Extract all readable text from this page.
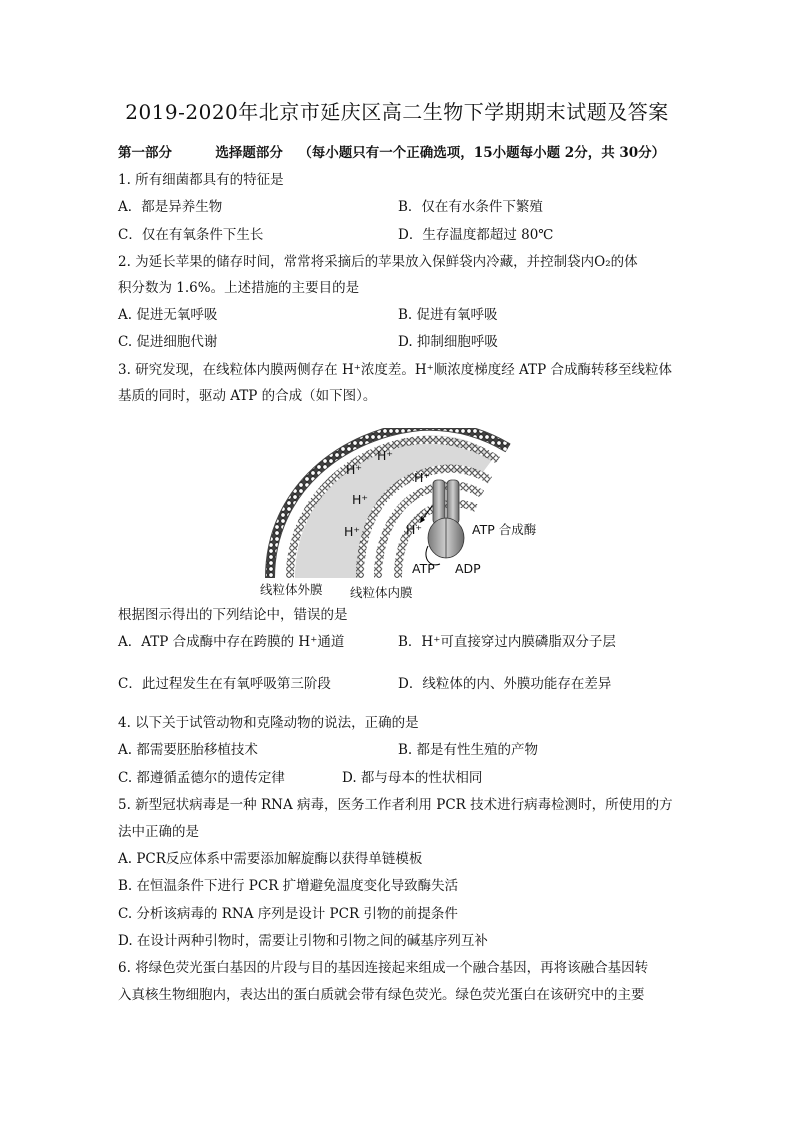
2019-2020年北京市延庆区高二生物下学期期末试题及答案
第一部分	选择题部分 （每小题只有一个正确选项，15小题每小题 2分，共 30分）
1. 所有细菌都具有的特征是
A．都是异养生物	B．仅在有水条件下繁殖
C．仅在有氧条件下生长	D．生存温度都超过 80℃
2. 为延长苹果的储存时间，常常将采摘后的苹果放入保鲜袋内冷藏，并控制袋内O₂的体
积分数为 1.6%。上述措施的主要目的是
A. 促进无氧呼吸	B. 促进有氧呼吸
C. 促进细胞代谢	D. 抑制细胞呼吸
3. 研究发现，在线粒体内膜两侧存在 H⁺浓度差。H⁺顺浓度梯度经 ATP 合成酶转移至线粒体
基质的同时，驱动 ATP 的合成（如下图）。
H⁺
H⁺
H⁺
H⁺
H⁺
H⁺	ATP 合成酶
ATP ADP
线粒体外膜 线粒体内膜
根据图示得出的下列结论中，错误的是
A．ATP 合成酶中存在跨膜的 H⁺通道	B．H⁺可直接穿过内膜磷脂双分子层
C．此过程发生在有氧呼吸第三阶段	D．线粒体的内、外膜功能存在差异
4. 以下关于试管动物和克隆动物的说法，正确的是
A. 都需要胚胎移植技术	B. 都是有性生殖的产物
C. 都遵循孟德尔的遗传定律	D. 都与母本的性状相同
5. 新型冠状病毒是一种 RNA 病毒，医务工作者利用 PCR 技术进行病毒检测时，所使用的方
法中正确的是
A. PCR反应体系中需要添加解旋酶以获得单链模板
B. 在恒温条件下进行 PCR 扩增避免温度变化导致酶失活
C. 分析该病毒的 RNA 序列是设计 PCR 引物的前提条件
D. 在设计两种引物时，需要让引物和引物之间的碱基序列互补
6. 将绿色荧光蛋白基因的片段与目的基因连接起来组成一个融合基因，再将该融合基因转
入真核生物细胞内，表达出的蛋白质就会带有绿色荧光。绿色荧光蛋白在该研究中的主要
